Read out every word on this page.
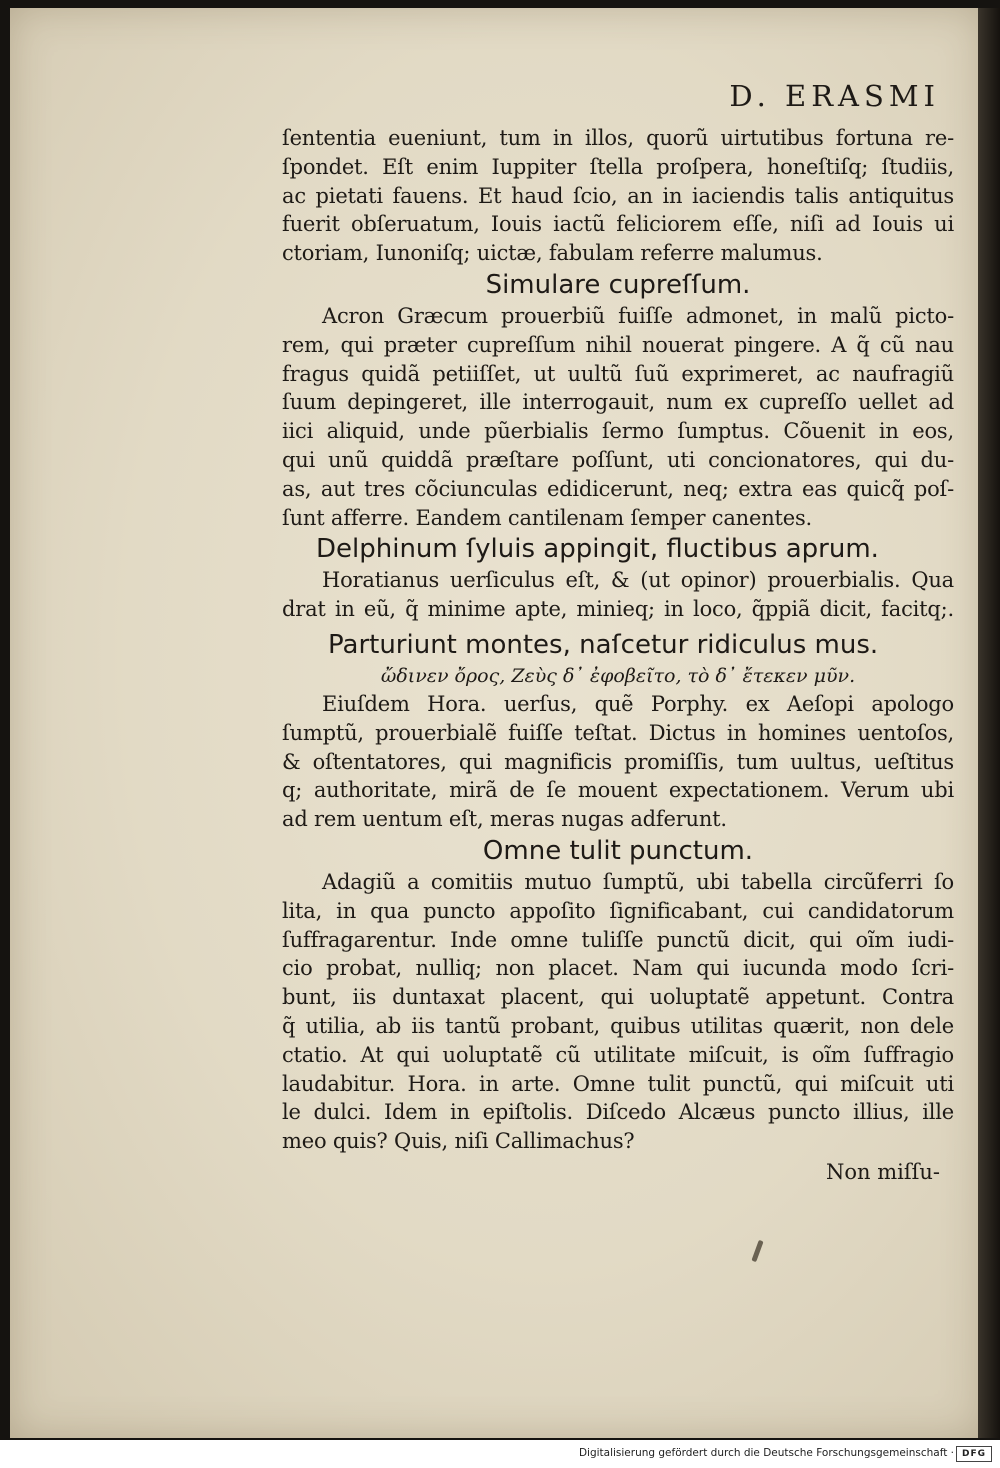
D. ERASMI
ſententia eueniunt, tum in illos, quorũ uirtutibus fortuna re-
ſpondet. Eſt enim Iuppiter ſtella proſpera, honeſtiſq; ſtudiis,
ac pietati fauens. Et haud ſcio, an in iaciendis talis antiquitus
fuerit obſeruatum, Iouis iactũ feliciorem eſſe, niſi ad Iouis ui
ctoriam, Iunoniſq; uictæ, fabulam referre malumus.
Simulare cupreſſum.
Acron Græcum prouerbiũ fuiſſe admonet, in malũ picto-
rem, qui præter cupreſſum nihil nouerat pingere. A q̃ cũ nau
fragus quidã petiiſſet, ut uultũ ſuũ exprimeret, ac naufragiũ
ſuum depingeret, ille interrogauit, num ex cupreſſo uellet ad
iici aliquid, unde pũerbialis ſermo ſumptus. Cõuenit in eos,
qui unũ quiddã præſtare poſſunt, uti concionatores, qui du-
as, aut tres cõciunculas edidicerunt, neq; extra eas quicq̃ poſ-
ſunt afferre. Eandem cantilenam ſemper canentes.
Delphinum ſyluis appingit, fluctibus aprum.
Horatianus uerſiculus eſt, & (ut opinor) prouerbialis. Qua
drat in eũ, q̃ minime apte, minieq; in loco, q̃ppiã dicit, facitq;.
Parturiunt montes, naſcetur ridiculus mus.
ὤδινεν ὄρος, Ζεὺς δ᾽ ἐφοβεῖτο, τὸ δ᾽ ἔτεκεν μῦν.
Eiuſdem Hora. uerſus, quẽ Porphy. ex Aeſopi apologo
ſumptũ, prouerbialẽ fuiſſe teſtat. Dictus in homines uentoſos,
& oſtentatores, qui magnificis promiſſis, tum uultus, ueſtitus
q; authoritate, mirã de ſe mouent expectationem. Verum ubi
ad rem uentum eſt, meras nugas adferunt.
Omne tulit punctum.
Adagiũ a comitiis mutuo ſumptũ, ubi tabella circũferri ſo
lita, in qua puncto appoſito ſignificabant, cui candidatorum
ſuffragarentur. Inde omne tuliſſe punctũ dicit, qui oĩm iudi-
cio probat, nulliq; non placet. Nam qui iucunda modo ſcri-
bunt, iis duntaxat placent, qui uoluptatẽ appetunt. Contra
q̃ utilia, ab iis tantũ probant, quibus utilitas quærit, non dele
ctatio. At qui uoluptatẽ cũ utilitate miſcuit, is oĩm ſuffragio
laudabitur. Hora. in arte. Omne tulit punctũ, qui miſcuit uti
le dulci. Idem in epiſtolis. Diſcedo Alcæus puncto illius, ille
meo quis? Quis, niſi Callimachus?
Non miſſu-
Digitalisierung gefördert durch die Deutsche Forschungsgemeinschaft · DFG
